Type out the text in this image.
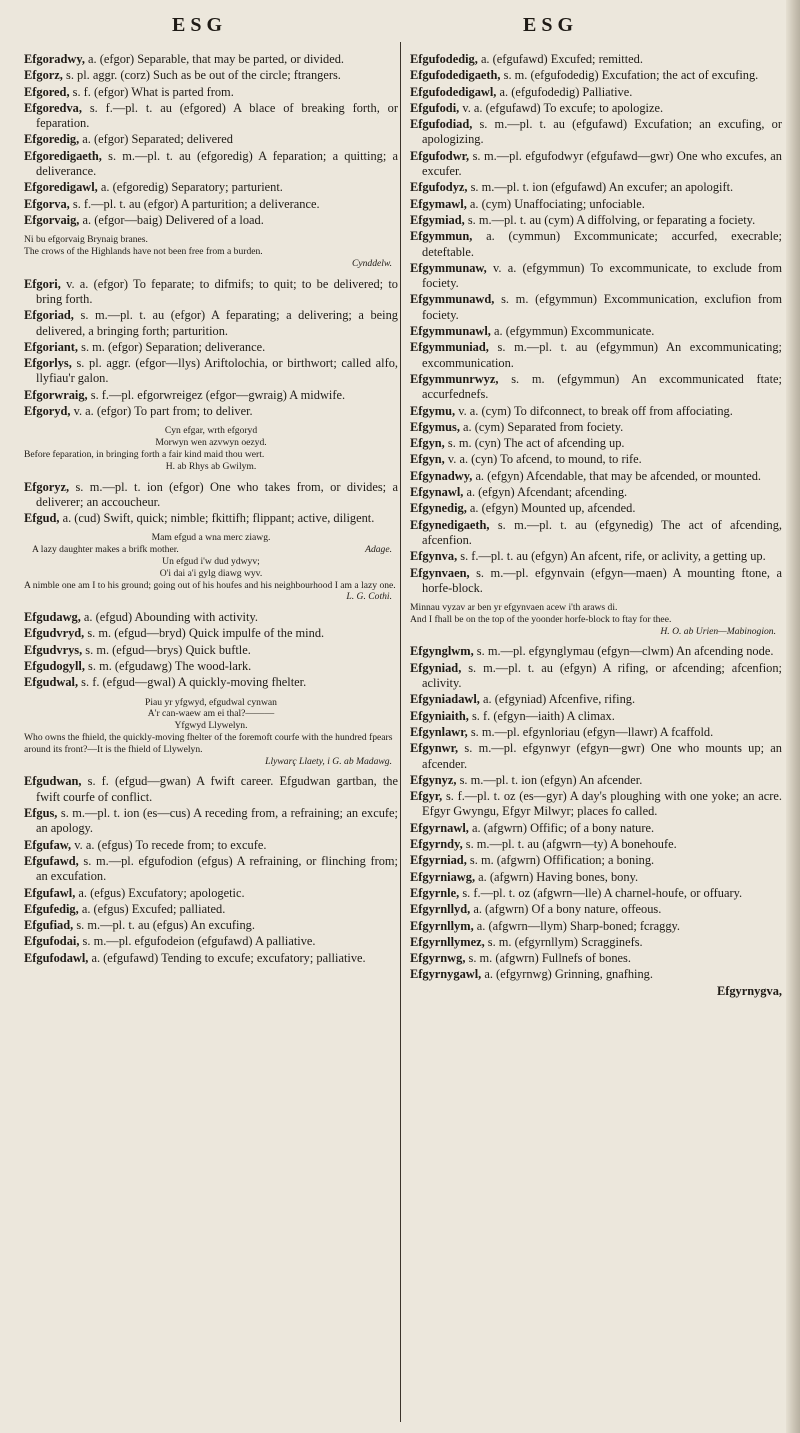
ESG	ESG
Efgoradwy, a. (efgor) Separable, that may be parted, or divided.
Efgorz, s. pl. aggr. (corz) Such as be out of the circle; ftrangers.
Efgored, s. f. (efgor) What is parted from.
Efgoredva, s. f.—pl. t. au (efgored) A blace of breaking forth, or feparation.
Efgoredig, a. (efgor) Separated; delivered
Efgoredigaeth, s. m.—pl. t. au (efgoredig) A feparation; a quitting; a deliverance.
Efgoredigawl, a. (efgoredig) Separatory; parturient.
Efgorva, s. f.—pl. t. au (efgor) A parturition; a deliverance.
Efgorvaig, a. (efgor—baig) Delivered of a load.
Ni bu efgorvaig Brynaig branes.
The crows of the Highlands have not been free from a burden.
Cynddelw.
Efgori, v. a. (efgor) To feparate; to difmifs; to quit; to be delivered; to bring forth.
Efgoriad, s. m.—pl. t. au (efgor) A feparating; a delivering; a being delivered, a bringing forth; parturition.
Efgoriant, s. m. (efgor) Separation; deliverance.
Efgorlys, s. pl. aggr. (efgor—llys) Ariftolochia, or birthwort; called alfo, llyfiau'r galon.
Efgorwraig, s. f.—pl. efgorwreigez (efgor—gwraig) A midwife.
Efgoryd, v. a. (efgor) To part from; to deliver.
Cyn efgar, wrth efgoryd
Morwyn wen azvwyn oezyd.
Before feparation, in bringing forth a fair kind maid thou wert.
H. ab Rhys ab Gwilym.
Efgoryz, s. m.—pl. t. ion (efgor) One who takes from, or divides; a deliverer; an accoucheur.
Efgud, a. (cud) Swift, quick; nimble; fkittifh; flippant; active, diligent.
Mam efgud a wna merc ziawg.
A lazy daughter makes a brifk mother.	Adage.
Un efgud i'w dud ydwyv;
O'i dai a'i gylg diawg wyv.
A nimble one am I to his ground; going out of his houfes and his neighbourhood I am a lazy one.
L. G. Cothi.
Efgudawg, a. (efgud) Abounding with activity.
Efgudvryd, s. m. (efgud—bryd) Quick impulfe of the mind.
Efgudvrys, s. m. (efgud—brys) Quick buftle.
Efgudogyll, s. m. (efgudawg) The wood-lark.
Efgudwal, s. f. (efgud—gwal) A quickly-moving fhelter.
Piau yr yfgwyd, efgudwal cynwan
A'r can-waew am ei thal?———
Yfgwyd Llywelyn.
Who owns the fhield, the quickly-moving fhelter of the foremoft courfe with the hundred fpears around its front?—It is the fhield of Llywelyn.
Llywarç Llaety, i G. ab Madawg.
Efgudwan, s. f. (efgud—gwan) A fwift career. Efgudwan gartban, the fwift courfe of conflict.
Efgus, s. m.—pl. t. ion (es—cus) A receding from, a refraining; an excufe; an apology.
Efgufaw, v. a. (efgus) To recede from; to excufe.
Efgufawd, s. m.—pl. efgufodion (efgus) A refraining, or flinching from; an excufation.
Efgufawl, a. (efgus) Excufatory; apologetic.
Efgufedig, a. (efgus) Excufed; palliated.
Efgufiad, s. m.—pl. t. au (efgus) An excufing.
Efgufodai, s. m.—pl. efgufodeion (efgufawd) A palliative.
Efgufodawl, a. (efgufawd) Tending to excufe; excufatory; palliative.
Efgufodedig, a. (efgufawd) Excufed; remitted.
Efgufodedigaeth, s. m. (efgufodedig) Excufation; the act of excufing.
Efgufodedigawl, a. (efgufodedig) Palliative.
Efgufodi, v. a. (efgufawd) To excufe; to apologize.
Efgufodiad, s. m.—pl. t. au (efgufawd) Excufation; an excufing, or apologizing.
Efgufodwr, s. m.—pl. efgufodwyr (efgufawd—gwr) One who excufes, an excufer.
Efgufodyz, s. m.—pl. t. ion (efgufawd) An excufer; an apologift.
Efgymawl, a. (cym) Unaffociating; unfociable.
Efgymiad, s. m.—pl. t. au (cym) A diffolving, or feparating a fociety.
Efgymmun, a. (cymmun) Excommunicate; accurfed, execrable; deteftable.
Efgymmunaw, v. a. (efgymmun) To excommunicate, to exclude from fociety.
Efgymmunawd, s. m. (efgymmun) Excommunication, exclufion from fociety.
Efgymmunawl, a. (efgymmun) Excommunicate.
Efgymmuniad, s. m.—pl. t. au (efgymmun) An excommunicating; excommunication.
Efgymmunrwyz, s. m. (efgymmun) An excommunicated ftate; accurfednefs.
Efgymu, v. a. (cym) To difconnect, to break off from affociating.
Efgymus, a. (cym) Separated from fociety.
Efgyn, s. m. (cyn) The act of afcending up.
Efgyn, v. a. (cyn) To afcend, to mound, to rife.
Efgynadwy, a. (efgyn) Afcendable, that may be afcended, or mounted.
Efgynawl, a. (efgyn) Afcendant; afcending.
Efgynedig, a. (efgyn) Mounted up, afcended.
Efgynedigaeth, s. m.—pl. t. au (efgynedig) The act of afcending, afcenfion.
Efgynva, s. f.—pl. t. au (efgyn) An afcent, rife, or aclivity, a getting up.
Efgynvaen, s. m.—pl. efgynvain (efgyn—maen) A mounting ftone, a horfe-block.
Minnau vyzav ar ben yr efgynvaen acew i'th araws di.
And I fhall be on the top of the yoonder horfe-block to ftay for thee.
H. O. ab Urien—Mabinogion.
Efgynglwm, s. m.—pl. efgynglymau (efgyn—clwm) An afcending node.
Efgyniad, s. m.—pl. t. au (efgyn) A rifing, or afcending; afcenfion; aclivity.
Efgyniadawl, a. (efgyniad) Afcenfive, rifing.
Efgyniaith, s. f. (efgyn—iaith) A climax.
Efgynlawr, s. m.—pl. efgynloriau (efgyn—llawr) A fcaffold.
Efgynwr, s. m.—pl. efgynwyr (efgyn—gwr) One who mounts up; an afcender.
Efgynyz, s. m.—pl. t. ion (efgyn) An afcender.
Efgyr, s. f.—pl. t. oz (es—gyr) A day's ploughing with one yoke; an acre. Efgyr Gwyngu, Efgyr Milwyr; places fo called.
Efgyrnawl, a. (afgwrn) Offific; of a bony nature.
Efgyrndy, s. m.—pl. t. au (afgwrn—ty) A bonehoufe.
Efgyrniad, s. m. (afgwrn) Offification; a boning.
Efgyrniawg, a. (afgwrn) Having bones, bony.
Efgyrnle, s. f.—pl. t. oz (afgwrn—lle) A charnel-houfe, or offuary.
Efgyrnllyd, a. (afgwrn) Of a bony nature, offeous.
Efgyrnllym, a. (afgwrn—llym) Sharp-boned; fcraggy.
Efgyrnllymez, s. m. (efgyrnllym) Scragginefs.
Efgyrnwg, s. m. (afgwrn) Fullnefs of bones.
Efgyrnygawl, a. (efgyrnwg) Grinning, gnafhing.
Efgyrnygva,
